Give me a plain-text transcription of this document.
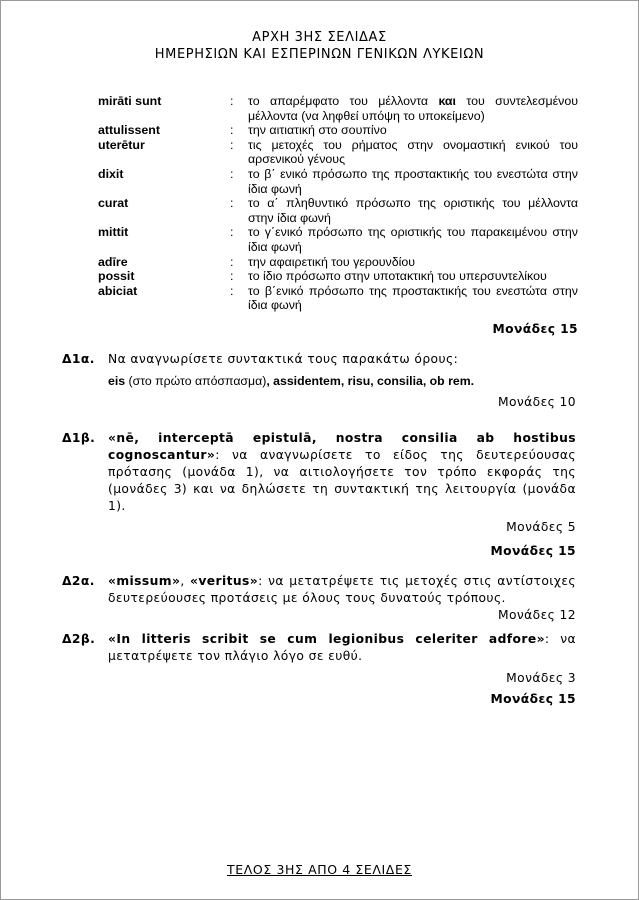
ΑΡΧΗ 3ΗΣ ΣΕΛΙΔΑΣ
ΗΜΕΡΗΣΙΩΝ ΚΑΙ ΕΣΠΕΡΙΝΩΝ ΓΕΝΙΚΩΝ ΛΥΚΕΙΩΝ
mirāti sunt	:	το απαρέμφατο του μέλλοντα και του συντελεσμένου μέλλοντα (να ληφθεί υπόψη το υποκείμενο)
attulissent	:	την αιτιατική στο σουπίνο
uterētur	:	τις μετοχές του ρήματος στην ονομαστική ενικού του αρσενικού γένους
dixit	:	το β΄ ενικό πρόσωπο της προστακτικής του ενεστώτα στην ίδια φωνή
curat	:	το α΄ πληθυντικό πρόσωπο της οριστικής του μέλλοντα στην ίδια φωνή
mittit	:	το γ΄ενικό πρόσωπο της οριστικής του παρακειμένου στην ίδια φωνή
adīre	:	την αφαιρετική του γερουνδίου
possit	:	το ίδιο πρόσωπο στην υποτακτική του υπερσυντελίκου
abiciat	:	το β΄ενικό πρόσωπο της προστακτικής του ενεστώτα στην ίδια φωνή
Μονάδες 15
Δ1α.	Να αναγνωρίσετε συντακτικά τους παρακάτω όρους:
eis (στο πρώτο απόσπασμα), assidentem, risu, consilia, ob rem.
Μονάδες 10
Δ1β.	«nē, interceptā epistulā, nostra consilia ab hostibus cognoscantur»: να αναγνωρίσετε το είδος της δευτερεύουσας πρότασης (μονάδα 1), να αιτιολογήσετε τον τρόπο εκφοράς της (μονάδες 3) και να δηλώσετε τη συντακτική της λειτουργία (μονάδα 1).
Μονάδες 5
Μονάδες 15
Δ2α.	«missum», «veritus»: να μετατρέψετε τις μετοχές στις αντίστοιχες δευτερεύουσες προτάσεις με όλους τους δυνατούς τρόπους.
Μονάδες 12
Δ2β.	«In litteris scribit se cum legionibus celeriter adfore»: να μετατρέψετε τον πλάγιο λόγο σε ευθύ.
Μονάδες 3
Μονάδες 15
ΤΕΛΟΣ 3ΗΣ ΑΠΟ 4 ΣΕΛΙΔΕΣ
